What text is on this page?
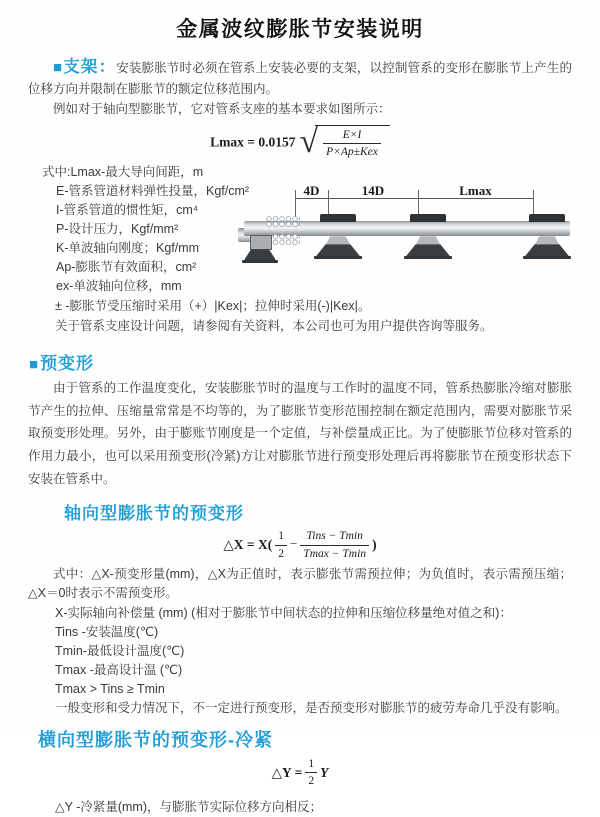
金属波纹膨胀节安装说明

■支架：安装膨胀节时必须在管系上安装必要的支架，以控制管系的变形在膨胀节上产生的位移方向并限制在膨胀节的额定位移范围内。

例如对于轴向型膨胀节，它对管系支座的基本要求如图所示：

Lmax = 0.0157 √ $\frac{E\times I}{\text{P×Ap±Kex}}$
式中:Lmax-最大导向间距，m
E-管系管道材料弹性投量，Kgf/cm²
I-管系管道的惯性矩，cm⁴
P-设计压力，Kgf/mm²
K-单波轴向刚度；Kgf/mm
Ap-膨胀节有效面积，cm²
ex-单波轴向位移，mm

± -膨胀节受压缩时采用（+）|Kex|；拉伸时采用(-)|Kex|。

关于管系支座设计问题，请参阅有关资料，本公司也可为用户提供咨询等服务。

4D	14D	Lmax
■预变形

由于管系的工作温度变化，安装膨胀节时的温度与工作时的温度不同，管系热膨胀冷缩对膨胀节产生的拉伸、压缩量常常是不均等的，为了膨胀节变形范围控制在额定范围内，需要对膨胀节采取预变形处理。另外，由于膨账节刚度是一个定值，与补偿量成正比。为了使膨胀节位移对管系的作用力最小，也可以采用预变形(冷紧)方让对膨胀节进行预变形处理后再将膨胀节在预变形状态下安装在管系中。

轴向型膨胀节的预变形
△X = $X( \frac{1}{2} - \frac{\text{Tins − Tmin}}{Tmax - Tmin}$ )

式中：△X-预变形量(mm)，△X为正值时，表示膨张节需预拉伸；为负值时，表示需预压缩；△X＝0时表示不需预变形。

X-实际轴向补偿量 (mm) (相对于膨胀节中间状态的拉伸和压缩位移量绝对值之和)：
Tins -安装温度(℃)
Tmin-最低设计温度(℃)
Tmax -最高设计温 (℃)
Tmax > Tins ≥ Tmin
一般变形和受力情况下，不一定进行预变形，是否预变形对膨胀节的疲劳寿命几乎没有影响。
横向型膨胀节的预变形-冷紧
△Y = $\frac{1}{2}$ Y

△Y -冷紧量(mm)，与膨胀节实际位移方向相反；
